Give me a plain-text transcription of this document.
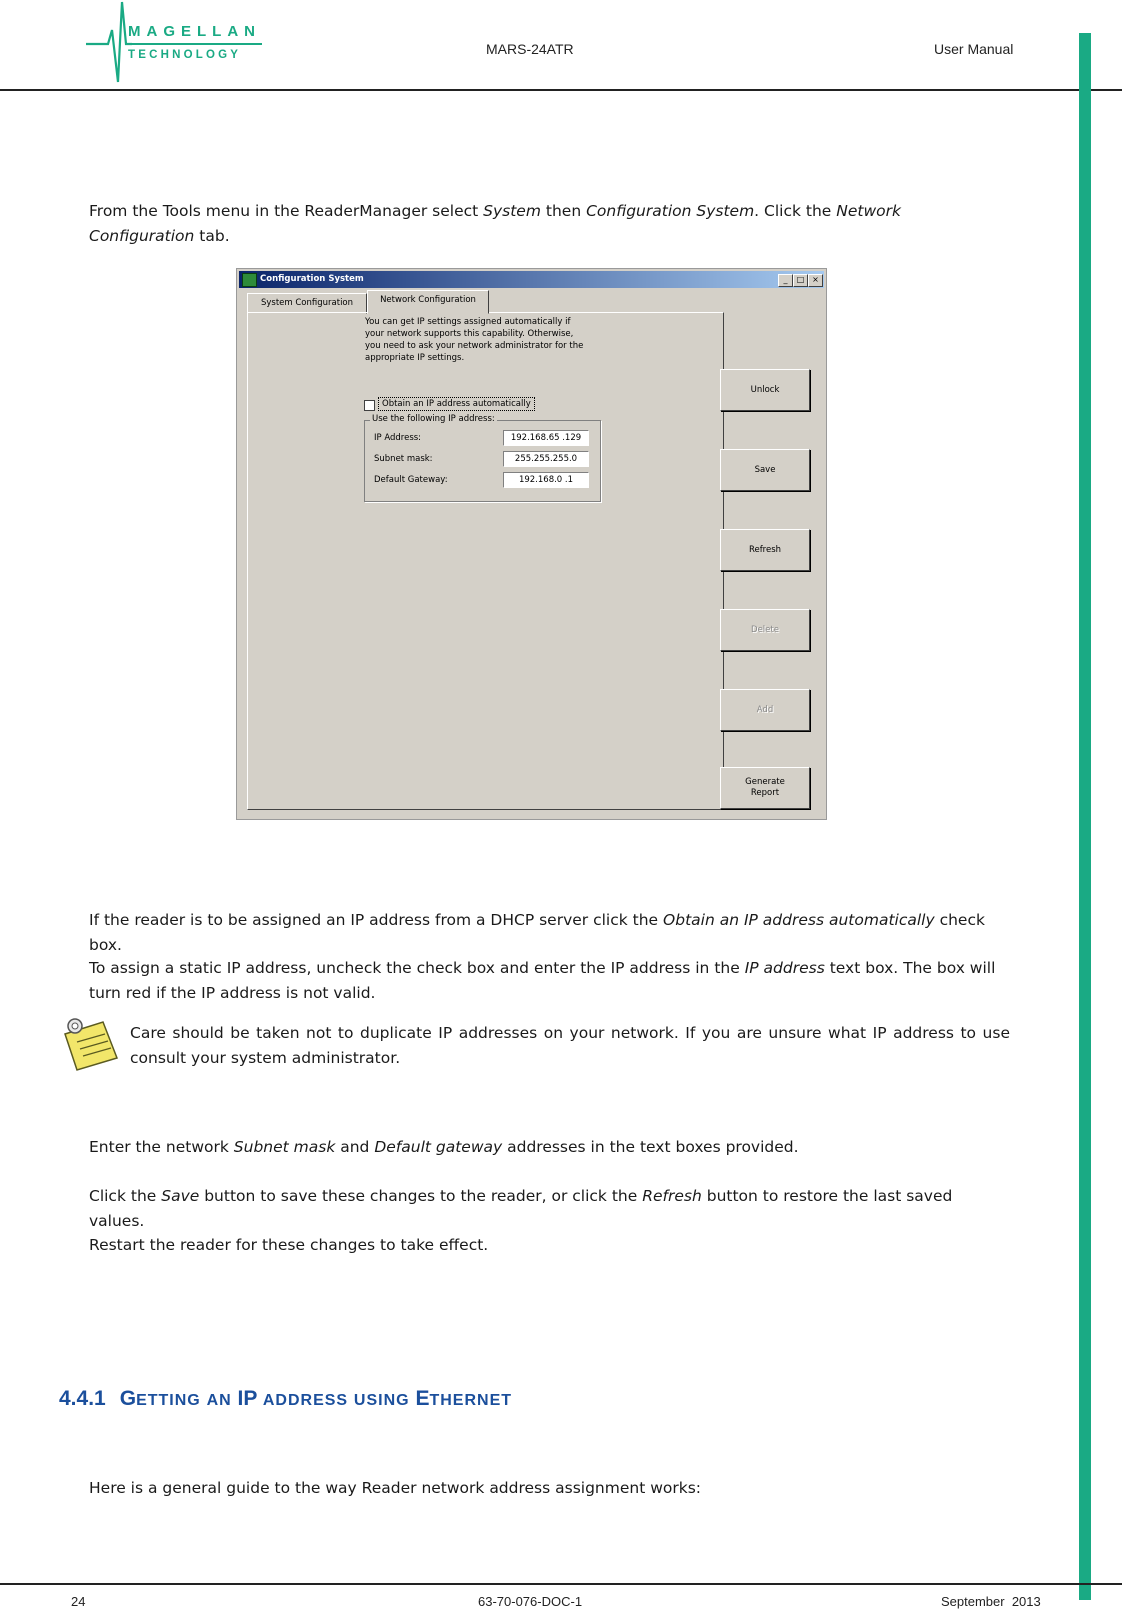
MAGELLAN
TECHNOLOGY	MARS-24ATR	User Manual

From the Tools menu in the ReaderManager select System then Configuration System. Click the Network Configuration tab.

Configuration System	_	□ ×
System Configuration	Network Configuration
You can get IP settings assigned automatically if
your network supports this capability. Otherwise,
you need to ask your network administrator for the
appropriate IP settings.
Obtain an IP address automatically
Use the following IP address:
IP Address:	192.168.65 .129
Subnet mask:	255.255.255.0
Default Gateway:	192.168.0 .1
Unlock
Save
Refresh
Delete
Add
Generate
Report

If the reader is to be assigned an IP address from a DHCP server click the Obtain an IP address automatically check box.

To assign a static IP address, uncheck the check box and enter the IP address in the IP address text box. The box will turn red if the IP address is not valid.

Care should be taken not to duplicate IP addresses on your network. If you are unsure what IP address to use consult your system administrator.

Enter the network Subnet mask and Default gateway addresses in the text boxes provided.

Click the Save button to save these changes to the reader, or click the Refresh button to restore the last saved values.

Restart the reader for these changes to take effect.

4.4.1 GETTING AN IP ADDRESS USING ETHERNET

Here is a general guide to the way Reader network address assignment works:

24	63-70-076-DOC-1	September  2013
